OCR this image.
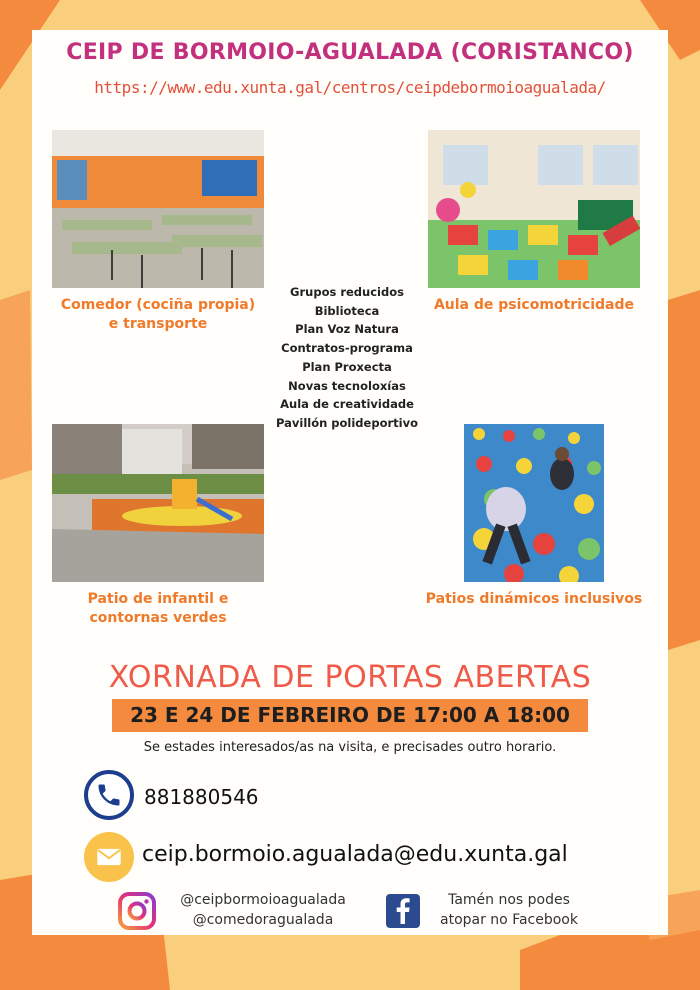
CEIP DE BORMOIO-AGUALADA (CORISTANCO)
https://www.edu.xunta.gal/centros/ceipdebormoioagualada/
Comedor (cociña propia)
e transporte
Aula de psicomotricidade
Grupos reducidos
Biblioteca
Plan Voz Natura
Contratos-programa
Plan Proxecta
Novas tecnoloxías
Aula de creatividade
Pavillón polideportivo
Patio de infantil e
contornas verdes
Patios dinámicos inclusivos
XORNADA DE PORTAS ABERTAS
23 E 24 DE FEBREIRO DE 17:00 A 18:00
Se estades interesados/as na visita, e precisades outro horario.
881880546
ceip.bormoio.agualada@edu.xunta.gal
@ceipbormoioagualada
@comedoragualada
Tamén nos podes
atopar no Facebook
